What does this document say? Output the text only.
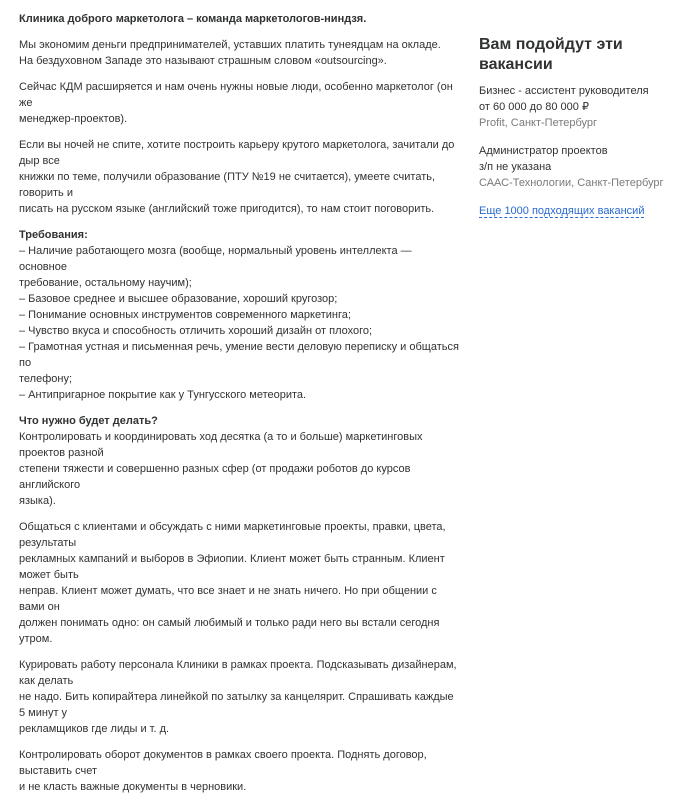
Клиника доброго маркетолога – команда маркетологов-ниндзя.

Мы экономим деньги предпринимателей, уставших платить тунеядцам на окладе.
На бездуховном Западе это называют страшным словом «outsourcing».

Сейчас КДМ расширяется и нам очень нужны новые люди, особенно маркетолог (он же
менеджер-проектов).

Если вы ночей не спите, хотите построить карьеру крутого маркетолога, зачитали до дыр все
книжки по теме, получили образование (ПТУ №19 не считается), умеете считать, говорить и
писать на русском языке (английский тоже пригодится), то нам стоит поговорить.

Требования:
– Наличие работающего мозга (вообще, нормальный уровень интеллекта — основное
требование, остальному научим);
– Базовое среднее и высшее образование, хороший кругозор;
– Понимание основных инструментов современного маркетинга;
– Чувство вкуса и способность отличить хороший дизайн от плохого;
– Грамотная устная и письменная речь, умение вести деловую переписку и общаться по
телефону;
– Антипригарное покрытие как у Тунгусского метеорита.
Что нужно будет делать?

Контролировать и координировать ход десятка (а то и больше) маркетинговых проектов разной
степени тяжести и совершенно разных сфер (от продажи роботов до курсов английского
языка).

Общаться с клиентами и обсуждать с ними маркетинговые проекты, правки, цвета, результаты
рекламных кампаний и выборов в Эфиопии. Клиент может быть странным. Клиент может быть
неправ. Клиент может думать, что все знает и не знать ничего. Но при общении с вами он
должен понимать одно: он самый любимый и только ради него вы встали сегодня утром.

Курировать работу персонала Клиники в рамках проекта. Подсказывать дизайнерам, как делать
не надо. Бить копирайтера линейкой по затылку за канцелярит. Спрашивать каждые 5 минут у
рекламщиков где лиды и т. д.

Контролировать оборот документов в рамках своего проекта. Поднять договор, выставить счет
и не класть важные документы в черновики.

Вам подойдут эти вакансии
Бизнес - ассистент руководителя
от 60 000 до 80 000 ₽
Profit, Санкт-Петербург
Администратор проектов
з/п не указана
СААС-Технологии, Санкт-Петербург
Еще 1000 подходящих вакансий
